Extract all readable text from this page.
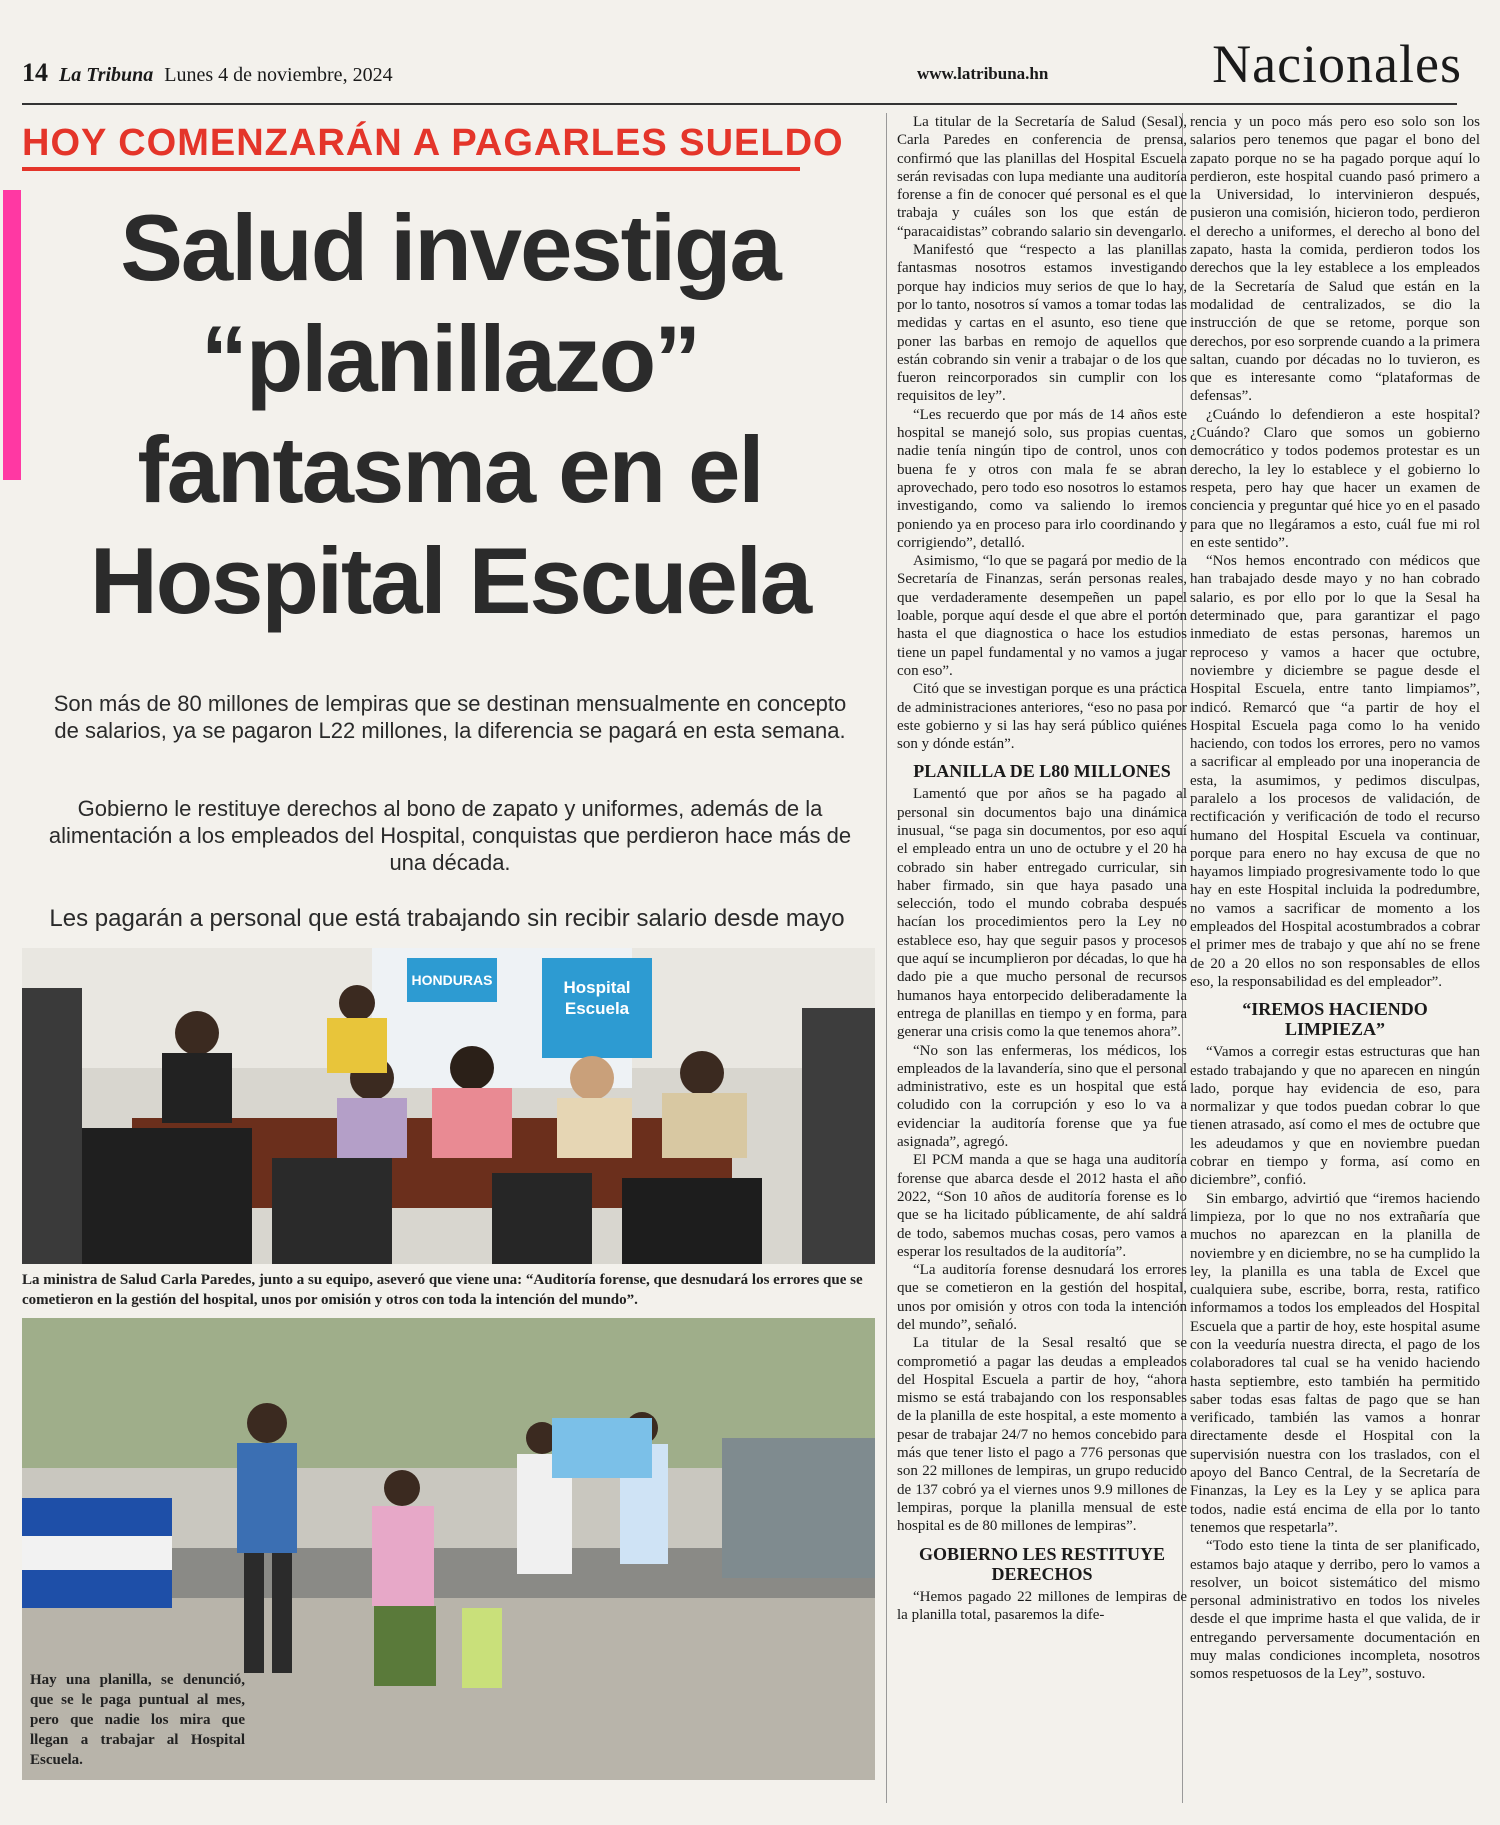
14 La Tribuna Lunes 4 de noviembre, 2024	www.latribuna.hn	Nacionales
HOY COMENZARÁN A PAGARLES SUELDO
Salud investiga “planillazo” fantasma en el Hospital Escuela

Son más de 80 millones de lempiras que se destinan mensualmente en concepto de salarios, ya se pagaron L22 millones, la diferencia se pagará en esta semana.

Gobierno le restituye derechos al bono de zapato y uniformes, además de la alimentación a los empleados del Hospital, conquistas que perdieron hace más de una década.

Les pagarán a personal que está trabajando sin recibir salario desde mayo

HONDURAS	Hospital
Escuela

La ministra de Salud Carla Paredes, junto a su equipo, aseveró que viene una: “Auditoría forense, que desnudará los errores que se cometieron en la gestión del hospital, unos por omisión y otros con toda la intención del mundo”.

Hay una planilla, se denunció, que se le paga puntual al mes, pero que nadie los mira que llegan a trabajar al Hospital Escuela.

La titular de la Secretaría de Salud (Sesal), Carla Paredes en conferencia de prensa, confirmó que las planillas del Hospital Escuela serán revisadas con lupa mediante una auditoría forense a fin de conocer qué personal es el que trabaja y cuáles son los que están de “paracaidistas” cobrando salario sin devengarlo.

Manifestó que “respecto a las planillas fantasmas nosotros estamos investigando porque hay indicios muy serios de que lo hay, por lo tanto, nosotros sí vamos a tomar todas las medidas y cartas en el asunto, eso tiene que poner las barbas en remojo de aquellos que están cobrando sin venir a trabajar o de los que fueron reincorporados sin cumplir con los requisitos de ley”.

“Les recuerdo que por más de 14 años este hospital se manejó solo, sus propias cuentas, nadie tenía ningún tipo de control, unos con buena fe y otros con mala fe se abran aprovechado, pero todo eso nosotros lo estamos investigando, como va saliendo lo iremos poniendo ya en proceso para irlo coordinando y corrigiendo”, detalló.

Asimismo, “lo que se pagará por medio de la Secretaría de Finanzas, serán personas reales, que verdaderamente desempeñen un papel loable, porque aquí desde el que abre el portón hasta el que diagnostica o hace los estudios tiene un papel fundamental y no vamos a jugar con eso”.

Citó que se investigan porque es una práctica de administraciones anteriores, “eso no pasa por este gobierno y si las hay será público quiénes son y dónde están”.

PLANILLA DE L80 MILLONES

Lamentó que por años se ha pagado al personal sin documentos bajo una dinámica inusual, “se paga sin documentos, por eso aquí el empleado entra un uno de octubre y el 20 ha cobrado sin haber entregado curricular, sin haber firmado, sin que haya pasado una selección, todo el mundo cobraba después hacían los procedimientos pero la Ley no establece eso, hay que seguir pasos y procesos que aquí se incumplieron por décadas, lo que ha dado pie a que mucho personal de recursos humanos haya entorpecido deliberadamente la entrega de planillas en tiempo y en forma, para generar una crisis como la que tenemos ahora”.

“No son las enfermeras, los médicos, los empleados de la lavandería, sino que el personal administrativo, este es un hospital que está coludido con la corrupción y eso lo va a evidenciar la auditoría forense que ya fue asignada”, agregó.

El PCM manda a que se haga una auditoría forense que abarca desde el 2012 hasta el año 2022, “Son 10 años de auditoría forense es lo que se ha licitado públicamente, de ahí saldrá de todo, sabemos muchas cosas, pero vamos a esperar los resultados de la auditoría”.

“La auditoría forense desnudará los errores que se cometieron en la gestión del hospital, unos por omisión y otros con toda la intención del mundo”, señaló.

La titular de la Sesal resaltó que se comprometió a pagar las deudas a empleados del Hospital Escuela a partir de hoy, “ahora mismo se está trabajando con los responsables de la planilla de este hospital, a este momento a pesar de trabajar 24/7 no hemos concebido para más que tener listo el pago a 776 personas que son 22 millones de lempiras, un grupo reducido de 137 cobró ya el viernes unos 9.9 millones de lempiras, porque la planilla mensual de este hospital es de 80 millones de lempiras”.

GOBIERNO LES RESTITUYE DERECHOS

“Hemos pagado 22 millones de lempiras de la planilla total, pasaremos la dife-

rencia y un poco más pero eso solo son los salarios pero tenemos que pagar el bono del zapato porque no se ha pagado porque aquí lo perdieron, este hospital cuando pasó primero a la Universidad, lo intervinieron después, pusieron una comisión, hicieron todo, perdieron el derecho a uniformes, el derecho al bono del zapato, hasta la comida, perdieron todos los derechos que la ley establece a los empleados de la Secretaría de Salud que están en la modalidad de centralizados, se dio la instrucción de que se retome, porque son derechos, por eso sorprende cuando a la primera saltan, cuando por décadas no lo tuvieron, es que es interesante como “plataformas de defensas”.

¿Cuándo lo defendieron a este hospital? ¿Cuándo? Claro que somos un gobierno democrático y todos podemos protestar es un derecho, la ley lo establece y el gobierno lo respeta, pero hay que hacer un examen de conciencia y preguntar qué hice yo en el pasado para que no llegáramos a esto, cuál fue mi rol en este sentido”.

“Nos hemos encontrado con médicos que han trabajado desde mayo y no han cobrado salario, es por ello por lo que la Sesal ha determinado que, para garantizar el pago inmediato de estas personas, haremos un reproceso y vamos a hacer que octubre, noviembre y diciembre se pague desde el Hospital Escuela, entre tanto limpiamos”, indicó. Remarcó que “a partir de hoy el Hospital Escuela paga como lo ha venido haciendo, con todos los errores, pero no vamos a sacrificar al empleado por una inoperancia de esta, la asumimos, y pedimos disculpas, paralelo a los procesos de validación, de rectificación y verificación de todo el recurso humano del Hospital Escuela va continuar, porque para enero no hay excusa de que no hayamos limpiado progresivamente todo lo que hay en este Hospital incluida la podredumbre, no vamos a sacrificar de momento a los empleados del Hospital acostumbrados a cobrar el primer mes de trabajo y que ahí no se frene de 20 a 20 ellos no son responsables de ellos eso, la responsabilidad es del empleador”.

“IREMOS HACIENDO LIMPIEZA”

“Vamos a corregir estas estructuras que han estado trabajando y que no aparecen en ningún lado, porque hay evidencia de eso, para normalizar y que todos puedan cobrar lo que tienen atrasado, así como el mes de octubre que les adeudamos y que en noviembre puedan cobrar en tiempo y forma, así como en diciembre”, confió.

Sin embargo, advirtió que “iremos haciendo limpieza, por lo que no nos extrañaría que muchos no aparezcan en la planilla de noviembre y en diciembre, no se ha cumplido la ley, la planilla es una tabla de Excel que cualquiera sube, escribe, borra, resta, ratifico informamos a todos los empleados del Hospital Escuela que a partir de hoy, este hospital asume con la veeduría nuestra directa, el pago de los colaboradores tal cual se ha venido haciendo hasta septiembre, esto también ha permitido saber todas esas faltas de pago que se han verificado, también las vamos a honrar directamente desde el Hospital con la supervisión nuestra con los traslados, con el apoyo del Banco Central, de la Secretaría de Finanzas, la Ley es la Ley y se aplica para todos, nadie está encima de ella por lo tanto tenemos que respetarla”.

“Todo esto tiene la tinta de ser planificado, estamos bajo ataque y derribo, pero lo vamos a resolver, un boicot sistemático del mismo personal administrativo en todos los niveles desde el que imprime hasta el que valida, de ir entregando perversamente documentación en muy malas condiciones incompleta, nosotros somos respetuosos de la Ley”, sostuvo.
